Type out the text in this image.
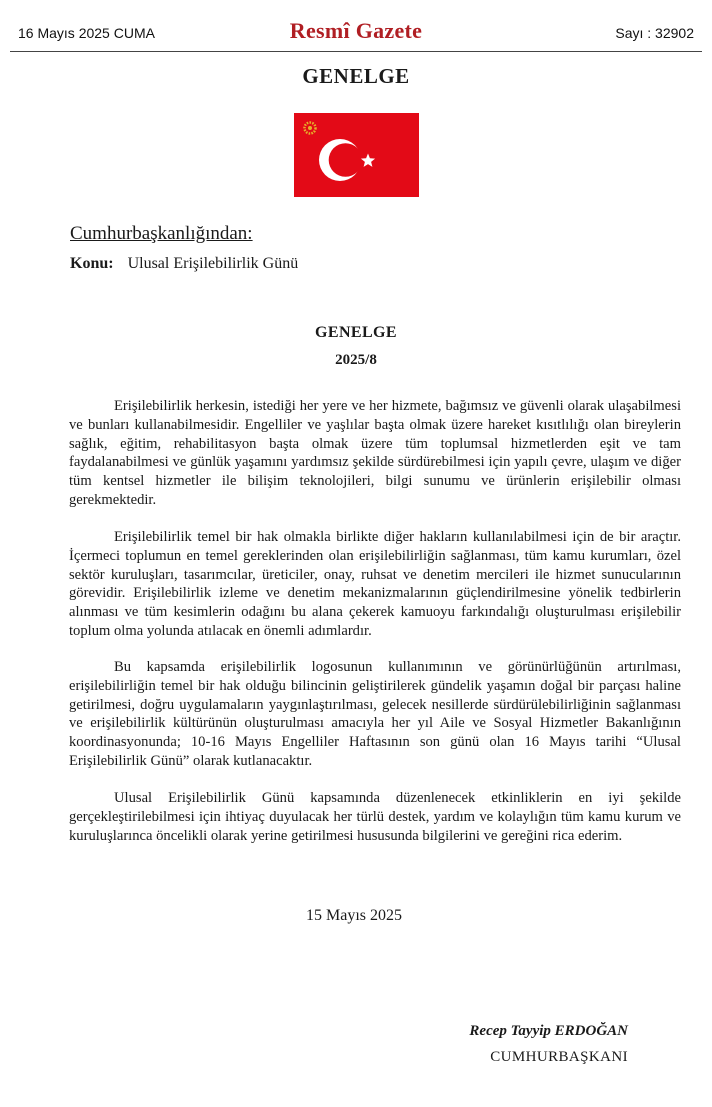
16 Mayıs 2025 CUMA	Resmî Gazete	Sayı : 32902
GENELGE
Cumhurbaşkanlığından:
Konu: Ulusal Erişilebilirlik Günü
GENELGE
2025/8

Erişilebilirlik herkesin, istediği her yere ve her hizmete, bağımsız ve güvenli olarak ulaşabilmesi ve bunları kullanabilmesidir. Engelliler ve yaşlılar başta olmak üzere hareket kısıtlılığı olan bireylerin sağlık, eğitim, rehabilitasyon başta olmak üzere tüm toplumsal hizmetlerden eşit ve tam faydalanabilmesi ve günlük yaşamını yardımsız şekilde sürdürebilmesi için yapılı çevre, ulaşım ve diğer tüm kentsel hizmetler ile bilişim teknolojileri, bilgi sunumu ve ürünlerin erişilebilir olması gerekmektedir.

Erişilebilirlik temel bir hak olmakla birlikte diğer hakların kullanılabilmesi için de bir araçtır. İçermeci toplumun en temel gereklerinden olan erişilebilirliğin sağlanması, tüm kamu kurumları, özel sektör kuruluşları, tasarımcılar, üreticiler, onay, ruhsat ve denetim mercileri ile hizmet sunucularının görevidir. Erişilebilirlik izleme ve denetim mekanizmalarının güçlendirilmesine yönelik tedbirlerin alınması ve tüm kesimlerin odağını bu alana çekerek kamuoyu farkındalığı oluşturulması erişilebilir toplum olma yolunda atılacak en önemli adımlardır.

Bu kapsamda erişilebilirlik logosunun kullanımının ve görünürlüğünün artırılması, erişilebilirliğin temel bir hak olduğu bilincinin geliştirilerek gündelik yaşamın doğal bir parçası haline getirilmesi, doğru uygulamaların yaygınlaştırılması, gelecek nesillerde sürdürülebilirliğinin sağlanması ve erişilebilirlik kültürünün oluşturulması amacıyla her yıl Aile ve Sosyal Hizmetler Bakanlığının koordinasyonunda; 10-16 Mayıs Engelliler Haftasının son günü olan 16 Mayıs tarihi “Ulusal Erişilebilirlik Günü” olarak kutlanacaktır.

Ulusal Erişilebilirlik Günü kapsamında düzenlenecek etkinliklerin en iyi şekilde gerçekleştirilebilmesi için ihtiyaç duyulacak her türlü destek, yardım ve kolaylığın tüm kamu kurum ve kuruluşlarınca öncelikli olarak yerine getirilmesi hususunda bilgilerini ve gereğini rica ederim.

15 Mayıs 2025
Recep Tayyip ERDOĞAN
CUMHURBAŞKANI
